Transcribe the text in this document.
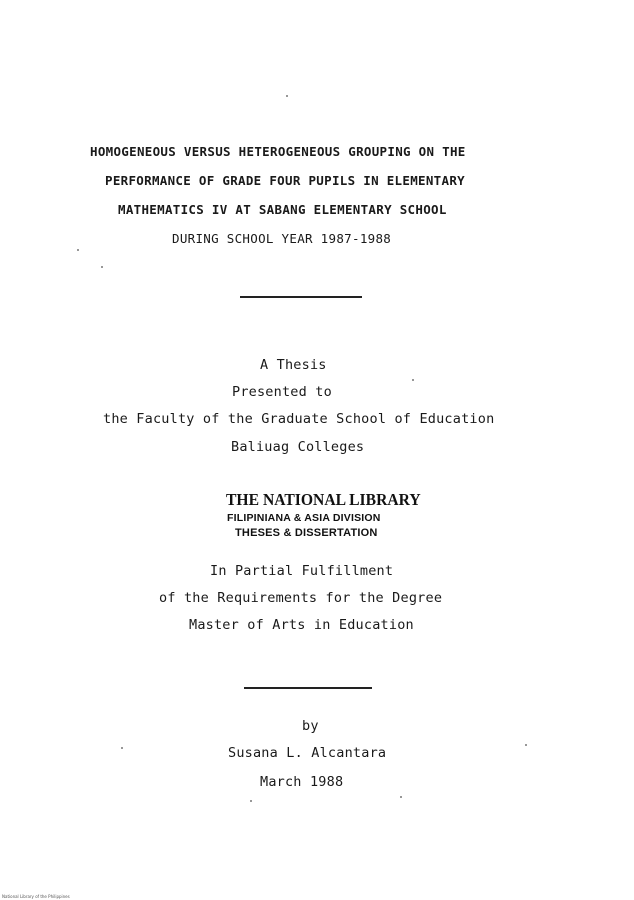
HOMOGENEOUS VERSUS HETEROGENEOUS GROUPING ON THE
PERFORMANCE OF GRADE FOUR PUPILS IN ELEMENTARY
MATHEMATICS IV AT SABANG ELEMENTARY SCHOOL
DURING SCHOOL YEAR 1987-1988
A Thesis
Presented to
the Faculty of the Graduate School of Education
Baliuag Colleges
THE NATIONAL LIBRARY
FILIPINIANA & ASIA DIVISION
THESES & DISSERTATION
In Partial Fulfillment
of the Requirements for the Degree
Master of Arts in Education
by
Susana L. Alcantara
March 1988
National Library of the Philippines
